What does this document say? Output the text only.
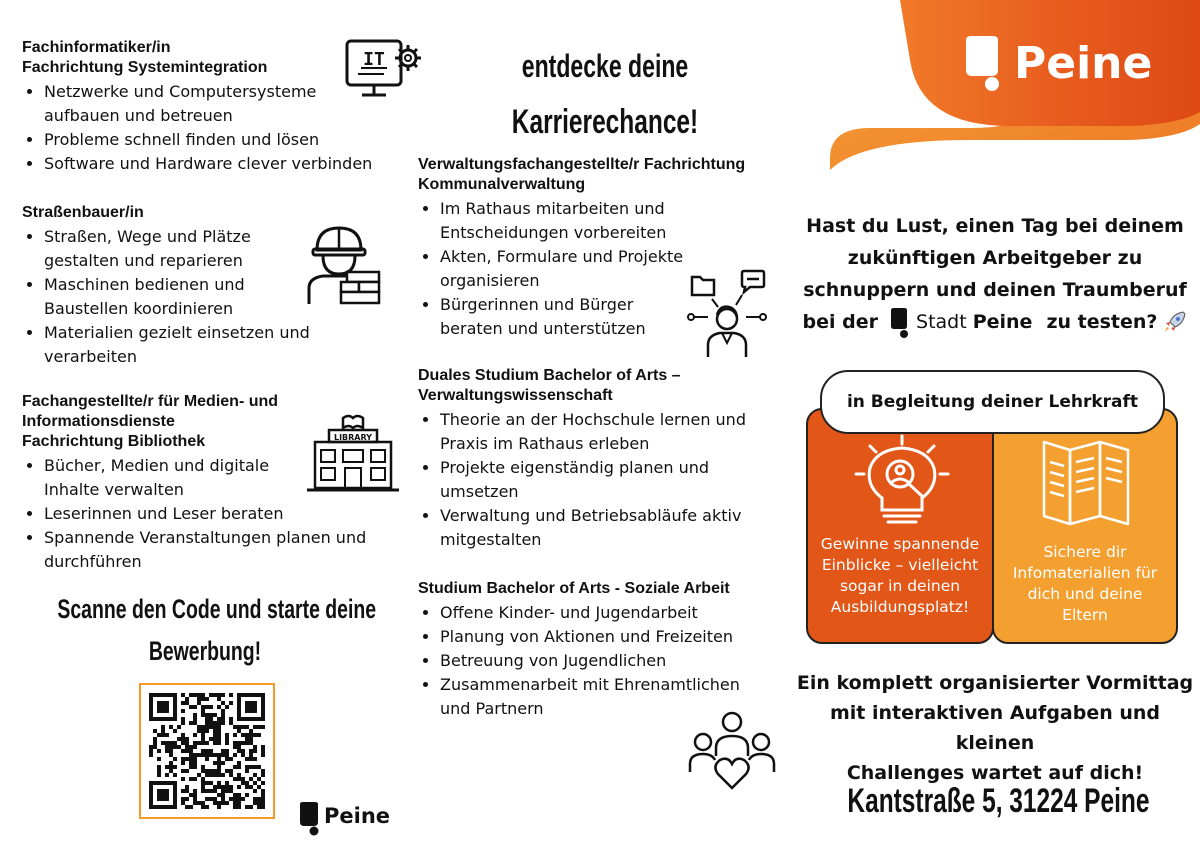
Fachinformatiker/in

Fachrichtung Systemintegration

• Netzwerke und Computersysteme aufbauen und betreuen
• Probleme schnell finden und lösen
• Software und Hardware clever verbinden
IT

Straßenbauer/in

• Straßen, Wege und Plätze gestalten und reparieren
• Maschinen bedienen und Baustellen koordinieren
• Materialien gezielt einsetzen und verarbeiten

Fachangestellte/r für Medien- und

Informationsdienste

Fachrichtung Bibliothek

• Bücher, Medien und digitale Inhalte verwalten
• Leserinnen und Leser beraten
• Spannende Veranstaltungen planen und durchführen
LIBRARY
Scanne den Code und starte deine
Bewerbung!
Peine
entdecke deine
Karrierechance!

Verwaltungsfachangestellte/r Fachrichtung

Kommunalverwaltung

• Im Rathaus mitarbeiten und Entscheidungen vorbereiten
• Akten, Formulare und Projekte organisieren
• Bürgerinnen und Bürger beraten und unterstützen

Duales Studium Bachelor of Arts –

Verwaltungswissenschaft

• Theorie an der Hochschule lernen und Praxis im Rathaus erleben
• Projekte eigenständig planen und umsetzen
• Verwaltung und Betriebsabläufe aktiv mitgestalten

Studium Bachelor of Arts - Soziale Arbeit

• Offene Kinder- und Jugendarbeit
• Planung von Aktionen und Freizeiten
• Betreuung von Jugendlichen
• Zusammenarbeit mit Ehrenamtlichen und Partnern
Peine
Hast du Lust, einen Tag bei deinem
zukünftigen Arbeitgeber zu
schnuppern und deinen Traumberuf
bei der Stadt Peine zu testen?
Gewinne spannende Einblicke – vielleicht sogar in deinen Ausbildungsplatz!
Sichere dir Infomaterialien für dich und deine Eltern
in Begleitung deiner Lehrkraft
Ein komplett organisierter Vormittag
mit interaktiven Aufgaben und kleinen
Challenges wartet auf dich!
Kantstraße 5, 31224 Peine
